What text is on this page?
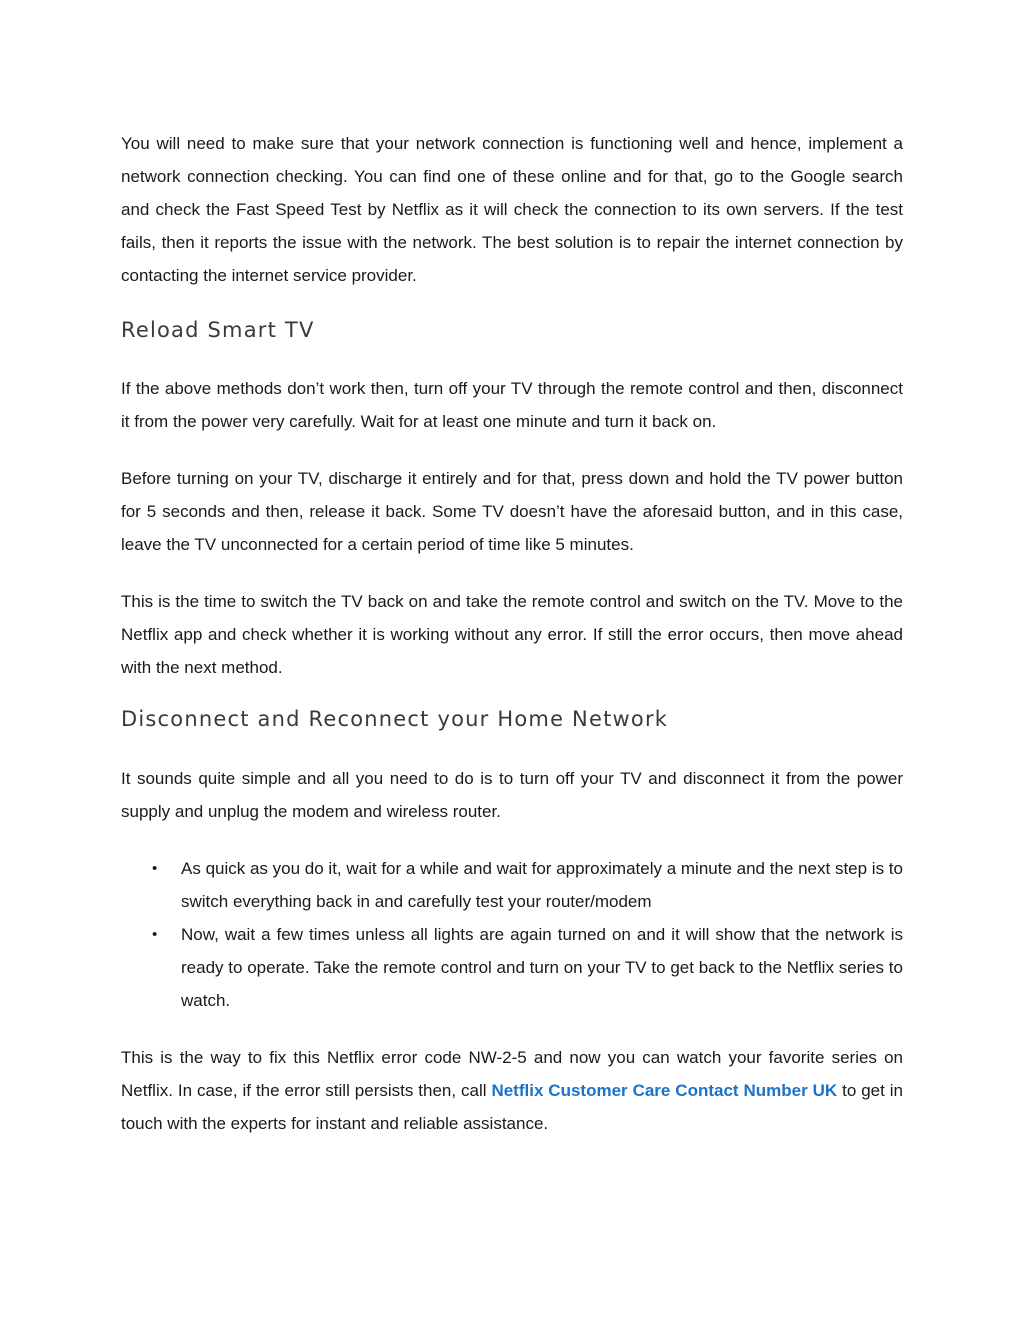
You will need to make sure that your network connection is functioning well and hence, implement a network connection checking. You can find one of these online and for that, go to the Google search and check the Fast Speed Test by Netflix as it will check the connection to its own servers. If the test fails, then it reports the issue with the network. The best solution is to repair the internet connection by contacting the internet service provider.

Reload Smart TV

If the above methods don’t work then, turn off your TV through the remote control and then, disconnect it from the power very carefully. Wait for at least one minute and turn it back on.

Before turning on your TV, discharge it entirely and for that, press down and hold the TV power button for 5 seconds and then, release it back. Some TV doesn’t have the aforesaid button, and in this case, leave the TV unconnected for a certain period of time like 5 minutes.

This is the time to switch the TV back on and take the remote control and switch on the TV. Move to the Netflix app and check whether it is working without any error. If still the error occurs, then move ahead with the next method.

Disconnect and Reconnect your Home Network

It sounds quite simple and all you need to do is to turn off your TV and disconnect it from the power supply and unplug the modem and wireless router.

• As quick as you do it, wait for a while and wait for approximately a minute and the next step is to switch everything back in and carefully test your router/modem
• Now, wait a few times unless all lights are again turned on and it will show that the network is ready to operate. Take the remote control and turn on your TV to get back to the Netflix series to watch.

This is the way to fix this Netflix error code NW-2-5 and now you can watch your favorite series on Netflix. In case, if the error still persists then, call Netflix Customer Care Contact Number UK to get in touch with the experts for instant and reliable assistance.
